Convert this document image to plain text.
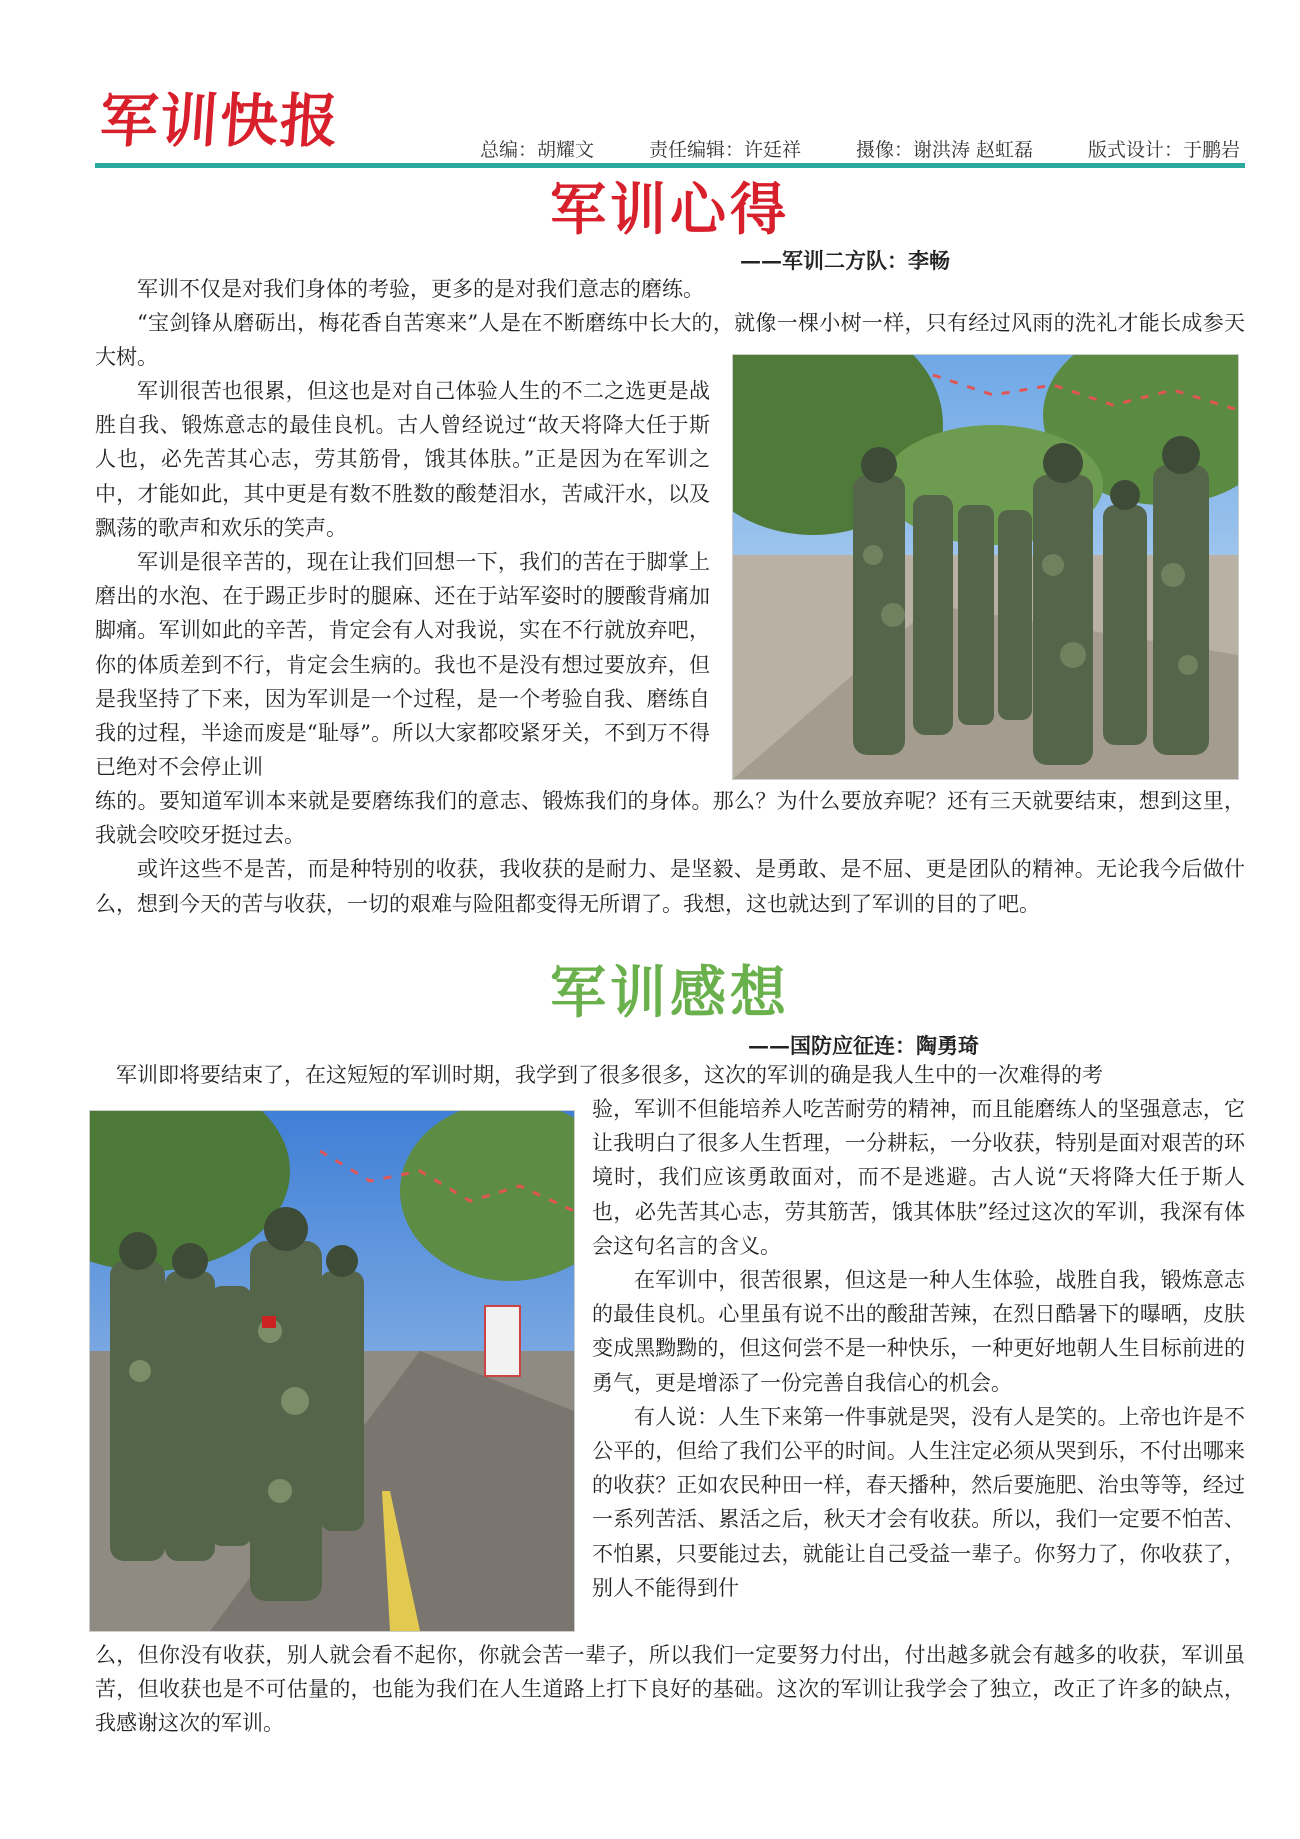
军训快报	总编：胡耀文	责任编辑：许廷祥	摄像：谢洪涛 赵虹磊	版式设计：于鹏岩
军训心得
——军训二方队：李畅

军训不仅是对我们身体的考验，更多的是对我们意志的磨练。

“宝剑锋从磨砺出，梅花香自苦寒来”人是在不断磨练中长大的，就像一棵小树一样，只有经过风雨的洗礼才能长成参天大树。

军训很苦也很累，但这也是对自己体验人生的不二之选更是战胜自我、锻炼意志的最佳良机。古人曾经说过“故天将降大任于斯人也，必先苦其心志，劳其筋骨，饿其体肤。”正是因为在军训之中，才能如此，其中更是有数不胜数的酸楚泪水，苦咸汗水，以及飘荡的歌声和欢乐的笑声。

军训是很辛苦的，现在让我们回想一下，我们的苦在于脚掌上磨出的水泡、在于踢正步时的腿麻、还在于站军姿时的腰酸背痛加脚痛。军训如此的辛苦，肯定会有人对我说，实在不行就放弃吧，你的体质差到不行，肯定会生病的。我也不是没有想过要放弃，但是我坚持了下来，因为军训是一个过程，是一个考验自我、磨练自我的过程，半途而废是“耻辱”。所以大家都咬紧牙关，不到万不得已绝对不会停止训

练的。要知道军训本来就是要磨练我们的意志、锻炼我们的身体。那么？为什么要放弃呢？还有三天就要结束，想到这里，我就会咬咬牙挺过去。

或许这些不是苦，而是种特别的收获，我收获的是耐力、是坚毅、是勇敢、是不屈、更是团队的精神。无论我今后做什么，想到今天的苦与收获，一切的艰难与险阻都变得无所谓了。我想，这也就达到了军训的目的了吧。

军训感想
——国防应征连：陶勇琦

军训即将要结束了，在这短短的军训时期，我学到了很多很多，这次的军训的确是我人生中的一次难得的考

验，军训不但能培养人吃苦耐劳的精神，而且能磨练人的坚强意志，它让我明白了很多人生哲理，一分耕耘，一分收获，特别是面对艰苦的环境时，我们应该勇敢面对，而不是逃避。古人说“天将降大任于斯人也，必先苦其心志，劳其筋苦，饿其体肤”经过这次的军训，我深有体会这句名言的含义。

在军训中，很苦很累，但这是一种人生体验，战胜自我，锻炼意志的最佳良机。心里虽有说不出的酸甜苦辣，在烈日酷暑下的曝晒，皮肤变成黑黝黝的，但这何尝不是一种快乐，一种更好地朝人生目标前进的勇气，更是增添了一份完善自我信心的机会。

有人说：人生下来第一件事就是哭，没有人是笑的。上帝也许是不公平的，但给了我们公平的时间。人生注定必须从哭到乐，不付出哪来的收获？正如农民种田一样，春天播种，然后要施肥、治虫等等，经过一系列苦活、累活之后，秋天才会有收获。所以，我们一定要不怕苦、不怕累，只要能过去，就能让自己受益一辈子。你努力了，你收获了，别人不能得到什

么，但你没有收获，别人就会看不起你，你就会苦一辈子，所以我们一定要努力付出，付出越多就会有越多的收获，军训虽苦，但收获也是不可估量的，也能为我们在人生道路上打下良好的基础。这次的军训让我学会了独立，改正了许多的缺点，我感谢这次的军训。
